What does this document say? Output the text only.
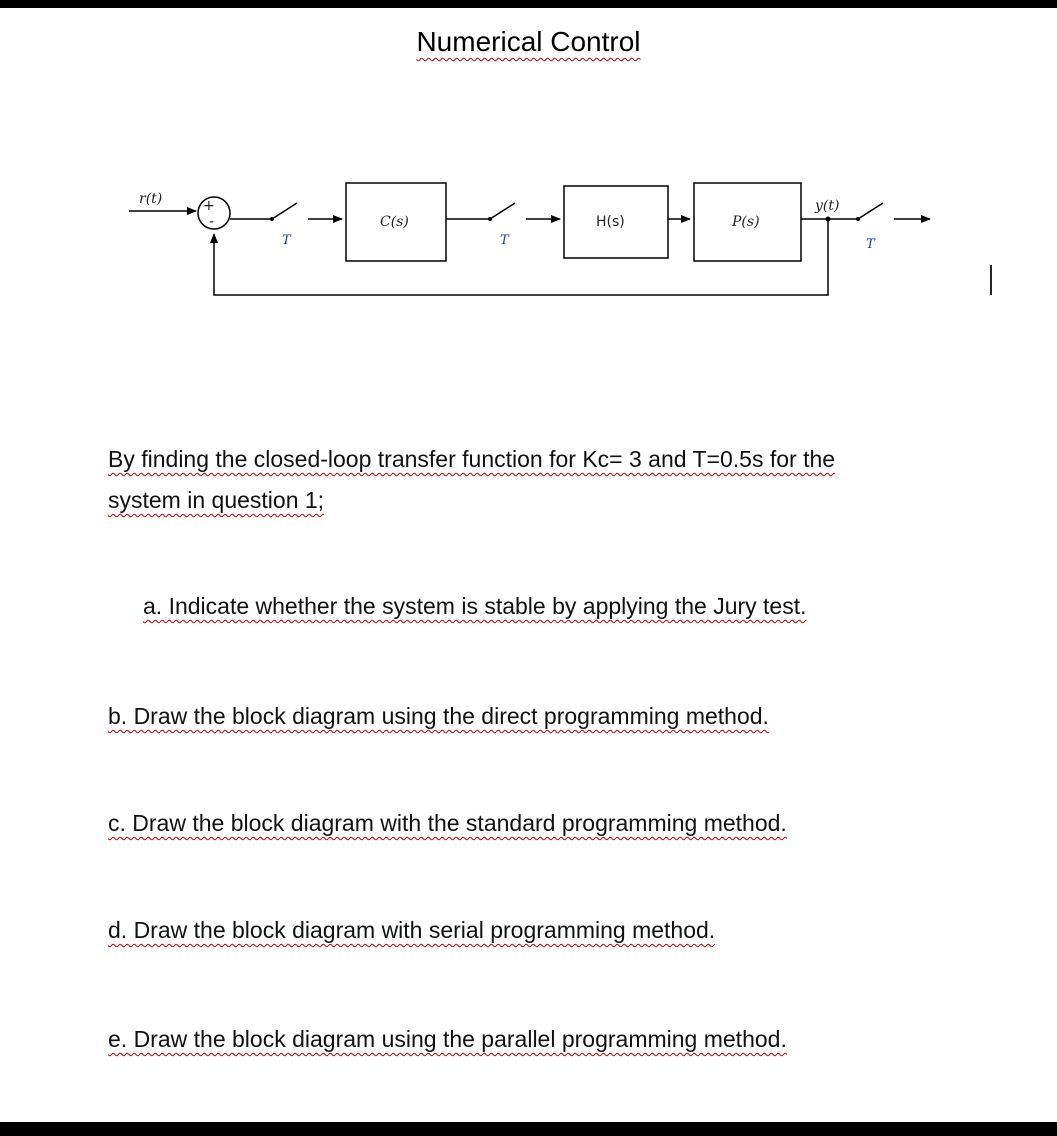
Numerical Control
r(t)	+
-
T
C(s)
T
H(s)	P(s)
y(t)
T
By finding the closed-loop transfer function for Kc= 3 and T=0.5s for the
system in question 1;
a. Indicate whether the system is stable by applying the Jury test.
b. Draw the block diagram using the direct programming method.
c. Draw the block diagram with the standard programming method.
d. Draw the block diagram with serial programming method.
e. Draw the block diagram using the parallel programming method.
